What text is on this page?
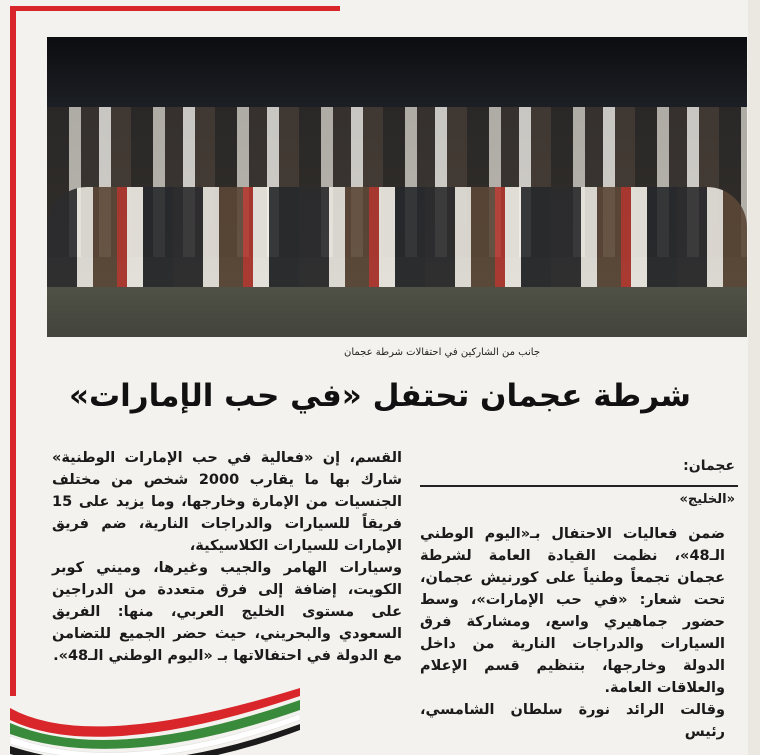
جانب من الشاركين في احتفالات شرطة عجمان
شرطة عجمان تحتفل «في حب الإمارات»
عجمان:
«الخليج»

ضمن فعاليات الاحتفال بـ«اليوم الوطني الـ48»، نظمت القيادة العامة لشرطة عجمان تجمعاً وطنياً على كورنيش عجمان، تحت شعار: «في حب الإمارات»، وسط حضور جماهيري واسع، ومشاركة فرق السيارات والدراجات النارية من داخل الدولة وخارجها، بتنظيم قسم الإعلام والعلاقات العامة.

وقالت الرائد نورة سلطان الشامسي، رئيس

القسم، إن «فعالية في حب الإمارات الوطنية» شارك بها ما يقارب 2000 شخص من مختلف الجنسيات من الإمارة وخارجها، وما يزيد على 15 فريقاً للسيارات والدراجات النارية، ضم فريق الإمارات للسيارات الكلاسيكية،

وسيارات الهامر والجيب وغيرها، وميني كوبر الكويت، إضافة إلى فرق متعددة من الدراجين على مستوى الخليج العربي، منها: الفريق السعودي والبحريني، حيث حضر الجميع للتضامن مع الدولة في احتفالاتها بـ «اليوم الوطني الـ48».
